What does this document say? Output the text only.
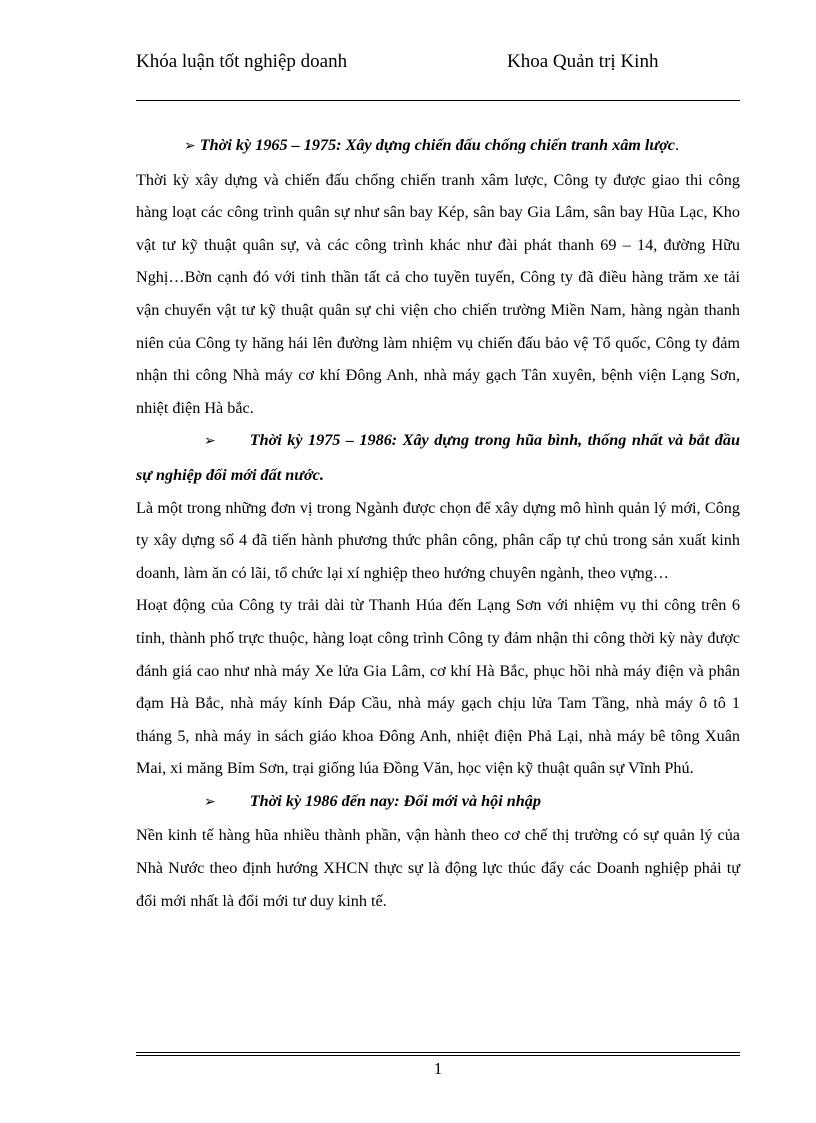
Khóa luận tốt nghiệp doanh	Khoa Quản trị Kinh

➢ Thời kỳ 1965 – 1975: Xây dựng chiến đấu chống chiến tranh xâm lược.

Thời kỳ xây dựng và chiến đấu chống chiến tranh xâm lược, Công ty được giao thi công hàng loạt các công trình quân sự như sân bay Kép, sân bay Gia Lâm, sân bay Hũa Lạc, Kho vật tư kỹ thuật quân sự, và các công trình khác như đài phát thanh 69 – 14, đường Hữu Nghị…Bờn cạnh đó với tinh thần tất cả cho tuyền tuyến, Công ty đã điều hàng trăm xe tải vận chuyển vật tư kỹ thuật quân sự chi viện cho chiến trường Miền Nam, hàng ngàn thanh niên của Công ty hăng hái lên đường làm nhiệm vụ chiến đấu bảo vệ Tổ quốc, Công ty đảm nhận thi công Nhà máy cơ khí Đông Anh, nhà máy gạch Tân xuyên, bệnh viện Lạng Sơn, nhiệt điện Hà bắc.

➢ Thời kỳ 1975 – 1986: Xây dựng trong hũa bình, thống nhất và bắt đầu sự nghiệp đổi mới đất nước.

Là một trong những đơn vị trong Ngành được chọn để xây dựng mô hình quản lý mới, Công ty xây dựng số 4 đã tiến hành phương thức phân công, phân cấp tự chủ trong sản xuất kinh doanh, làm ăn có lãi, tổ chức lại xí nghiệp theo hướng chuyên ngành, theo vựng…

Hoạt động của Công ty trải dài từ Thanh Húa đến Lạng Sơn với nhiệm vụ thi công trên 6 tỉnh, thành phố trực thuộc, hàng loạt công trình Công ty đảm nhận thi công thời kỳ này được đánh giá cao như nhà máy Xe lửa Gia Lâm, cơ khí Hà Bắc, phục hồi nhà máy điện và phân đạm Hà Bắc, nhà máy kính Đáp Cầu, nhà máy gạch chịu lửa Tam Tầng, nhà máy ô tô 1 tháng 5, nhà máy in sách giáo khoa Đông Anh, nhiệt điện Phả Lại, nhà máy bê tông Xuân Mai, xi măng Bỉm Sơn, trại giống lúa Đồng Văn, học viện kỹ thuật quân sự Vĩnh Phú.

➢ Thời kỳ 1986 đến nay: Đổi mới và hội nhập

Nền kinh tế hàng hũa nhiều thành phần, vận hành theo cơ chế thị trường có sự quản lý của Nhà Nước theo định hướng XHCN thực sự là động lực thúc đẩy các Doanh nghiệp phải tự đổi mới nhất là đổi mới tư duy kinh tế.

1
